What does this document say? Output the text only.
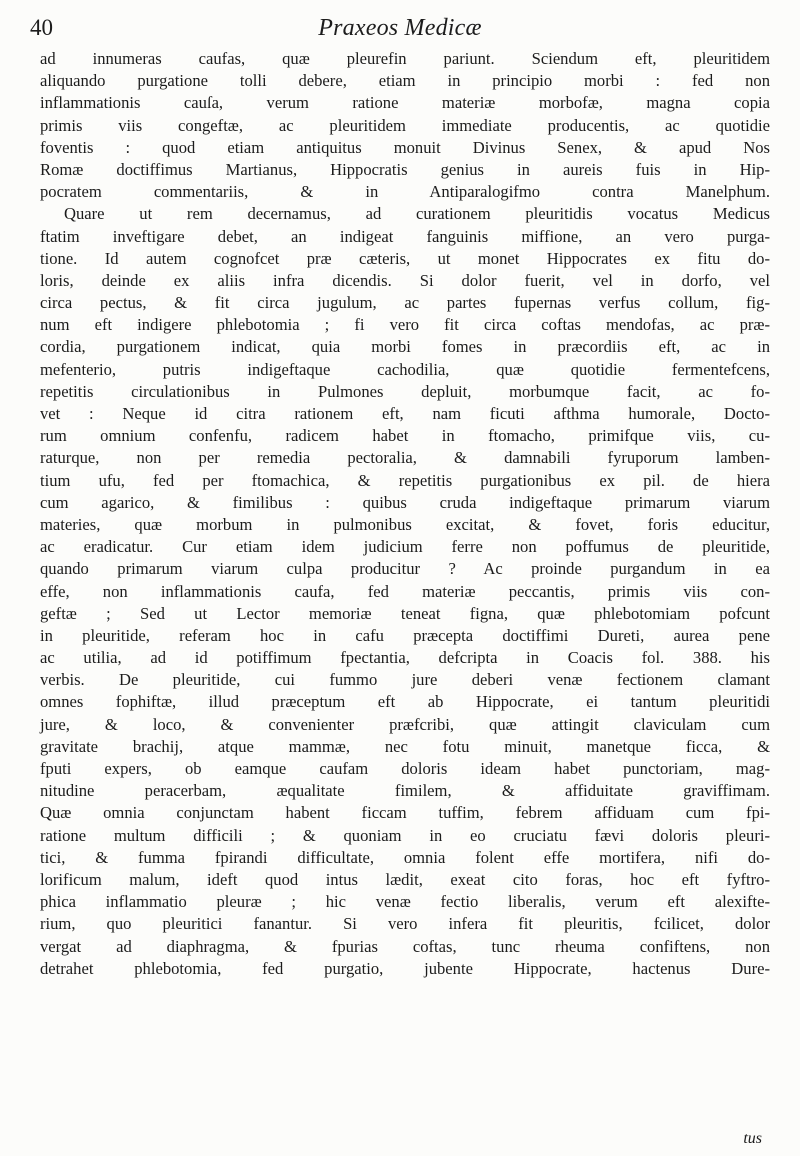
40	Praxeos Medicæ
ad innumeras caufas, quæ pleurefin pariunt. Sciendum eft, pleuritidem
aliquando purgatione tolli debere, etiam in principio morbi : fed non
inflammationis cauſa, verum ratione materiæ morbofæ, magna copia
primis viis congeftæ, ac pleuritidem immediate producentis, ac quotidie
foventis : quod etiam antiquitus monuit Divinus Senex, & apud Nos
Romæ doctiffimus Martianus, Hippocratis genius in aureis fuis in Hip-
pocratem commentariis, & in Antiparalogifmo contra Manelphum.
Quare ut rem decernamus, ad curationem pleuritidis vocatus Medicus
ftatim inveftigare debet, an indigeat fanguinis miffione, an vero purga-
tione. Id autem cognofcet præ cæteris, ut monet Hippocrates ex fitu do-
loris, deinde ex aliis infra dicendis. Si dolor fuerit, vel in dorfo, vel
circa pectus, & fit circa jugulum, ac partes fupernas verfus collum, fig-
num eft indigere phlebotomia ; fi vero fit circa coftas mendofas, ac præ-
cordia, purgationem indicat, quia morbi fomes in præcordiis eft, ac in
mefenterio, putris indigeftaque cachodilia, quæ quotidie fermentefcens,
repetitis circulationibus in Pulmones depluit, morbumque facit, ac fo-
vet : Neque id citra rationem eft, nam ficuti afthma humorale, Docto-
rum omnium confenfu, radicem habet in ftomacho, primifque viis, cu-
raturque, non per remedia pectoralia, & damnabili fyruporum lamben-
tium ufu, fed per ftomachica, & repetitis purgationibus ex pil. de hiera
cum agarico, & fimilibus : quibus cruda indigeftaque primarum viarum
materies, quæ morbum in pulmonibus excitat, & fovet, foris educitur,
ac eradicatur. Cur etiam idem judicium ferre non poffumus de pleuritide,
quando primarum viarum culpa producitur ? Ac proinde purgandum in ea
effe, non inflammationis caufa, fed materiæ peccantis, primis viis con-
geftæ ; Sed ut Lector memoriæ teneat figna, quæ phlebotomiam pofcunt
in pleuritide, referam hoc in cafu præcepta doctiffimi Dureti, aurea pene
ac utilia, ad id potiffimum fpectantia, defcripta in Coacis fol. 388. his
verbis. De pleuritide, cui fummo jure deberi venæ fectionem clamant
omnes fophiftæ, illud præceptum eft ab Hippocrate, ei tantum pleuritidi
jure, & loco, & convenienter præfcribi, quæ attingit claviculam cum
gravitate brachij, atque mammæ, nec fotu minuit, manetque ficca, &
fputi expers, ob eamque caufam doloris ideam habet punctoriam, mag-
nitudine peracerbam, æqualitate fimilem, & affiduitate graviffimam.
Quæ omnia conjunctam habent ficcam tuffim, febrem affiduam cum fpi-
ratione multum difficili ; & quoniam in eo cruciatu fævi doloris pleuri-
tici, & fumma fpirandi difficultate, omnia folent effe mortifera, nifi do-
lorificum malum, ideft quod intus lædit, exeat cito foras, hoc eft fyftro-
phica inflammatio pleuræ ; hic venæ fectio liberalis, verum eft alexifte-
rium, quo pleuritici fanantur. Si vero infera fit pleuritis, fcilicet, dolor
vergat ad diaphragma, & fpurias coftas, tunc rheuma confiftens, non
detrahet phlebotomia, fed purgatio, jubente Hippocrate, hactenus Dure-
tus
